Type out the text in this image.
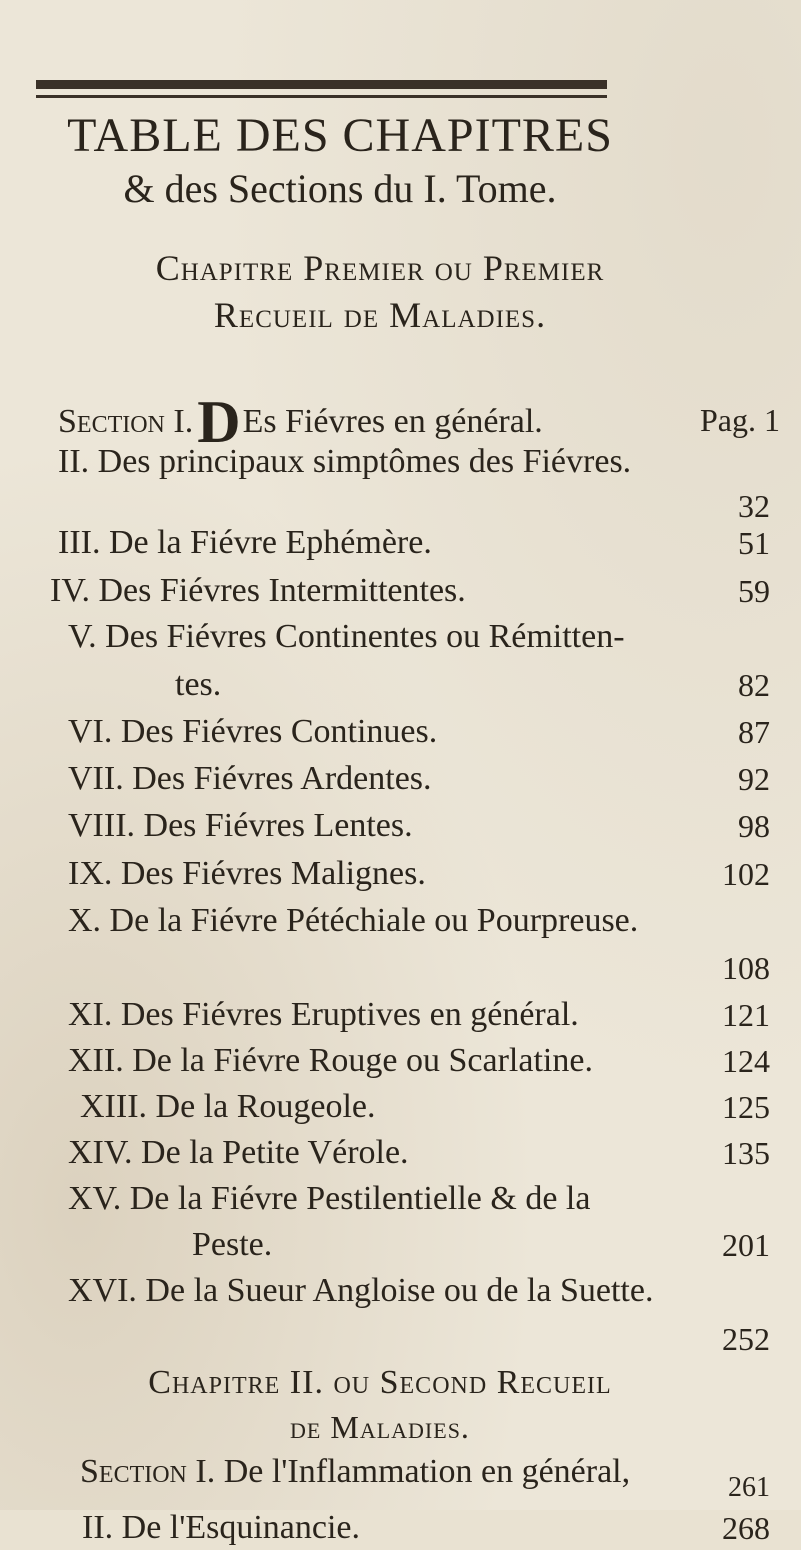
TABLE DES CHAPITRES
& des Sections du I. Tome.
Chapitre Premier ou Premier
Recueil de Maladies.
Section I.DEs Fiévres en général.	Pag. 1
II. Des principaux simptômes des Fiévres.
32
III. De la Fiévre Ephémère.	51
IV. Des Fiévres Intermittentes.	59
V. Des Fiévres Continentes ou Rémitten-
tes.	82
VI. Des Fiévres Continues.	87
VII. Des Fiévres Ardentes.	92
VIII. Des Fiévres Lentes.	98
IX. Des Fiévres Malignes.	102
X. De la Fiévre Pétéchiale ou Pourpreuse.
108
XI. Des Fiévres Eruptives en général.	121
XII. De la Fiévre Rouge ou Scarlatine.	124
XIII. De la Rougeole.	125
XIV. De la Petite Vérole.	135
XV. De la Fiévre Pestilentielle & de la
Peste.	201
XVI. De la Sueur Angloise ou de la Suette.
252
Chapitre II. ou Second Recueil
de Maladies.
Section I. De l'Inflammation en général,	261
II. De l'Esquinancie.	268
